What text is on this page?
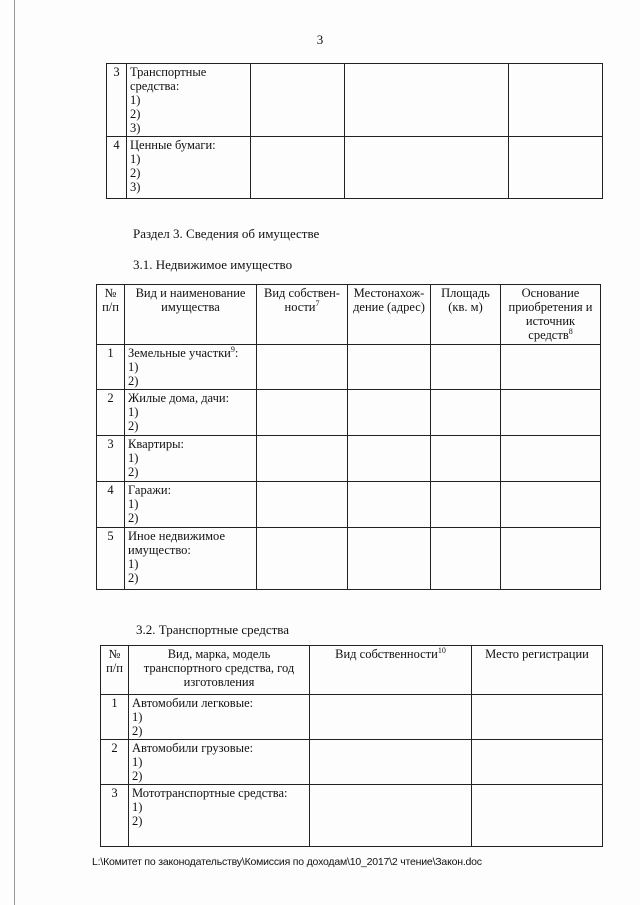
3
3	Транспортные средства:
1)
2)
3)			

4	Ценные бумаги:
1)
2)
3)			

Раздел 3. Сведения об имуществе
3.1. Недвижимое имущество
№ п/п	Вид и наименование имущества	Вид собствен- ности$^7$	Местонахож- дение (адрес)	Площадь (кв. м)	Основание приобретения и источник средств$^8$
1	Земельные участки$^9$:
1)
2)				

2	Жилые дома, дачи:
1)
2)				

3	Квартиры:
1)
2)				

4	Гаражи:
1)
2)				

5	Иное недвижимое имущество:
1)
2)				

3.2. Транспортные средства
№ п/п	Вид, марка, модель транспортного средства, год изготовления	Вид собственности$^{10}$	Место регистрации
1	Автомобили легковые:
1)
2)		

2	Автомобили грузовые:
1)
2)		

3	Мототранспортные средства:
1)
2)		

L:\Комитет по законодательству\Комиссия по доходам\10_2017\2 чтение\Закон.doc
